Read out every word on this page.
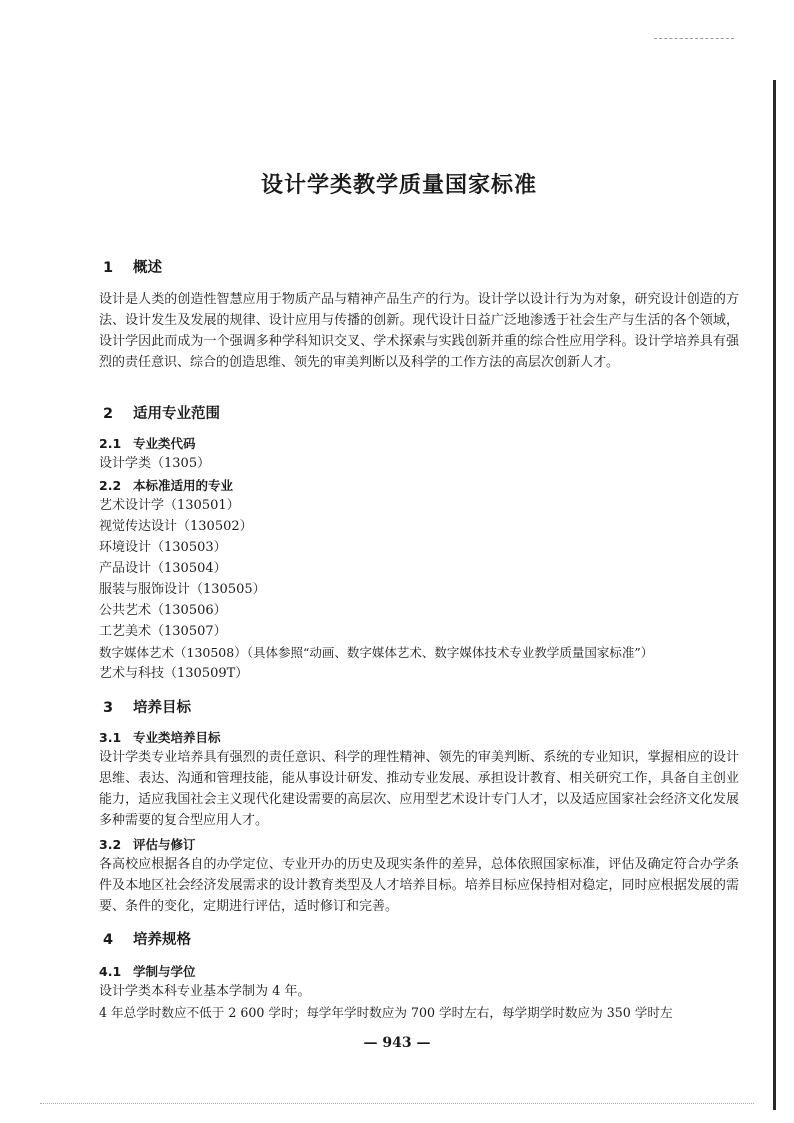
设计学类教学质量国家标准
1 概述
设计是人类的创造性智慧应用于物质产品与精神产品生产的行为。设计学以设计行为为对象，研究设计创造的方法、设计发生及发展的规律、设计应用与传播的创新。现代设计日益广泛地渗透于社会生产与生活的各个领域，设计学因此而成为一个强调多种学科知识交叉、学术探索与实践创新并重的综合性应用学科。设计学培养具有强烈的责任意识、综合的创造思维、领先的审美判断以及科学的工作方法的高层次创新人才。
2 适用专业范围
2.1 专业类代码
设计学类（1305）
2.2 本标准适用的专业
艺术设计学（130501）
视觉传达设计（130502）
环境设计（130503）
产品设计（130504）
服装与服饰设计（130505）
公共艺术（130506）
工艺美术（130507）
数字媒体艺术（130508）（具体参照“动画、数字媒体艺术、数字媒体技术专业教学质量国家标准”）
艺术与科技（130509T）
3 培养目标
3.1 专业类培养目标
设计学类专业培养具有强烈的责任意识、科学的理性精神、领先的审美判断、系统的专业知识，掌握相应的设计思维、表达、沟通和管理技能，能从事设计研发、推动专业发展、承担设计教育、相关研究工作，具备自主创业能力，适应我国社会主义现代化建设需要的高层次、应用型艺术设计专门人才，以及适应国家社会经济文化发展多种需要的复合型应用人才。
3.2 评估与修订
各高校应根据各自的办学定位、专业开办的历史及现实条件的差异，总体依照国家标准，评估及确定符合办学条件及本地区社会经济发展需求的设计教育类型及人才培养目标。培养目标应保持相对稳定，同时应根据发展的需要、条件的变化，定期进行评估，适时修订和完善。
4 培养规格
4.1 学制与学位
设计学类本科专业基本学制为 4 年。
4 年总学时数应不低于 2 600 学时；每学年学时数应为 700 学时左右，每学期学时数应为 350 学时左
— 943 —
